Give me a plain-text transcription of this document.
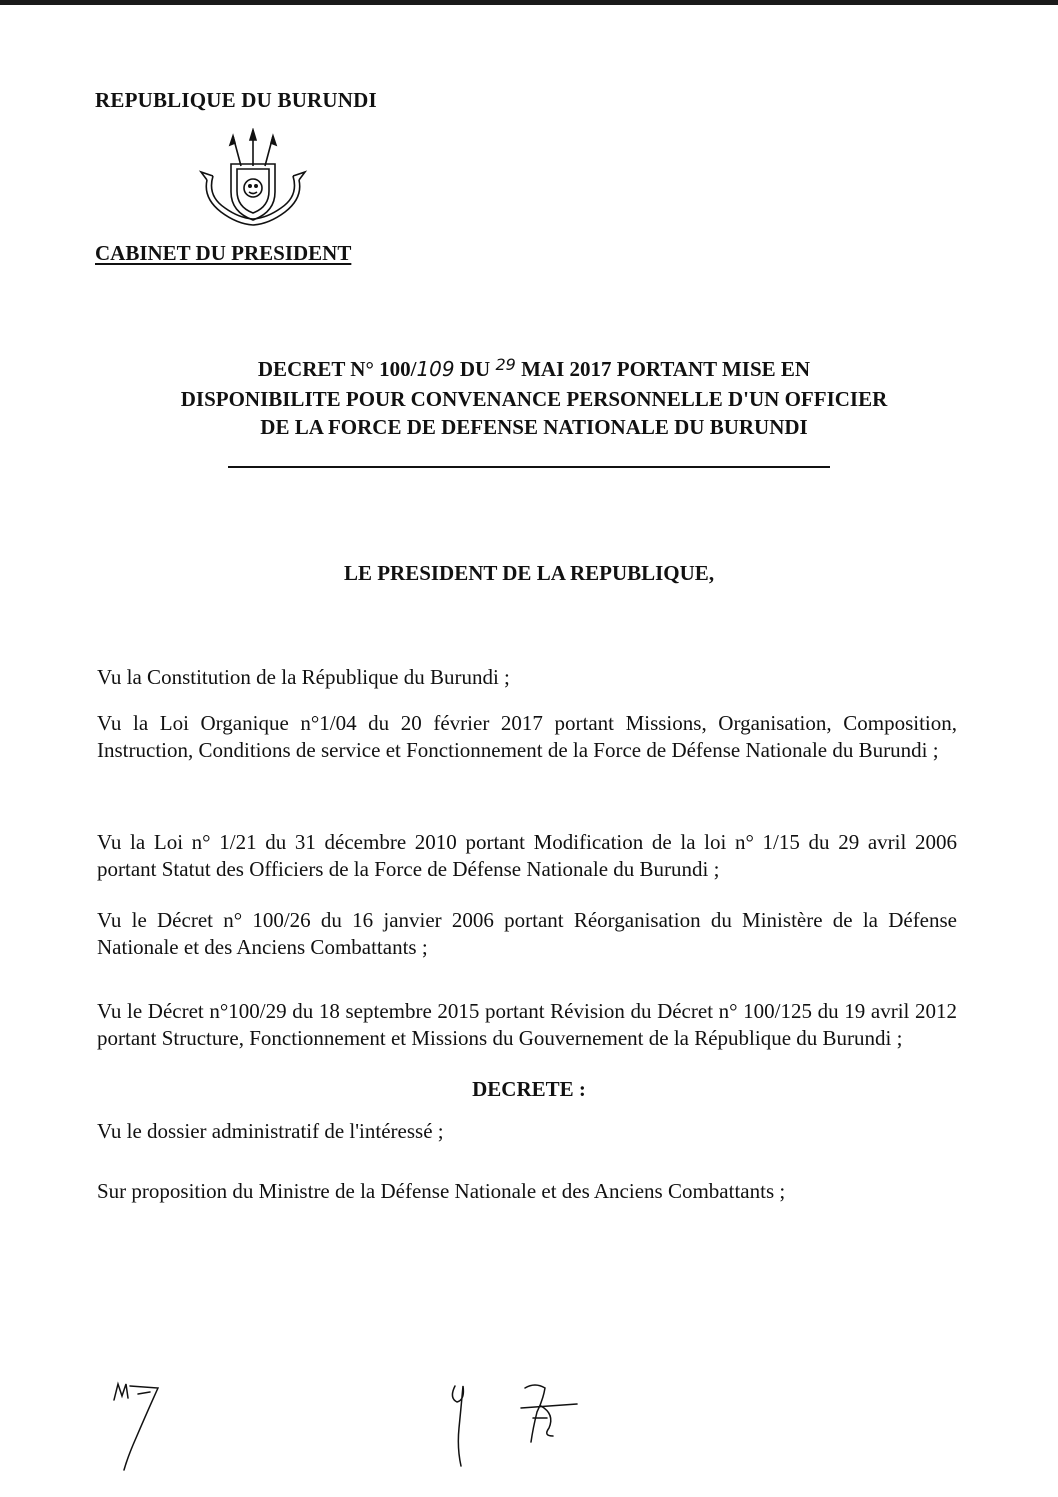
REPUBLIQUE DU BURUNDI
CABINET DU PRESIDENT
DECRET N° 100/109 DU $^{29}$ MAI 2017 PORTANT MISE EN
DISPONIBILITE POUR CONVENANCE PERSONNELLE D'UN OFFICIER
DE LA FORCE DE DEFENSE NATIONALE DU BURUNDI
LE PRESIDENT DE LA REPUBLIQUE,
Vu la Constitution de la République du Burundi ;
Vu la Loi Organique n°1/04 du 20 février 2017 portant Missions, Organisation, Composition, Instruction, Conditions de service et Fonctionnement de la Force de Défense Nationale du Burundi ;
Vu la Loi n° 1/21 du 31 décembre 2010 portant Modification de la loi n° 1/15 du 29 avril 2006 portant Statut des Officiers de la Force de Défense Nationale du Burundi ;
Vu le Décret n° 100/26 du 16 janvier 2006 portant Réorganisation du Ministère de la Défense Nationale et des Anciens Combattants ;
Vu le Décret n°100/29 du 18 septembre 2015 portant Révision du Décret n° 100/125 du 19 avril 2012 portant Structure, Fonctionnement et Missions du Gouvernement de la République du Burundi ;
Vu le dossier administratif de l'intéressé ;
Sur proposition du Ministre de la Défense Nationale et des Anciens Combattants ;
DECRETE :
